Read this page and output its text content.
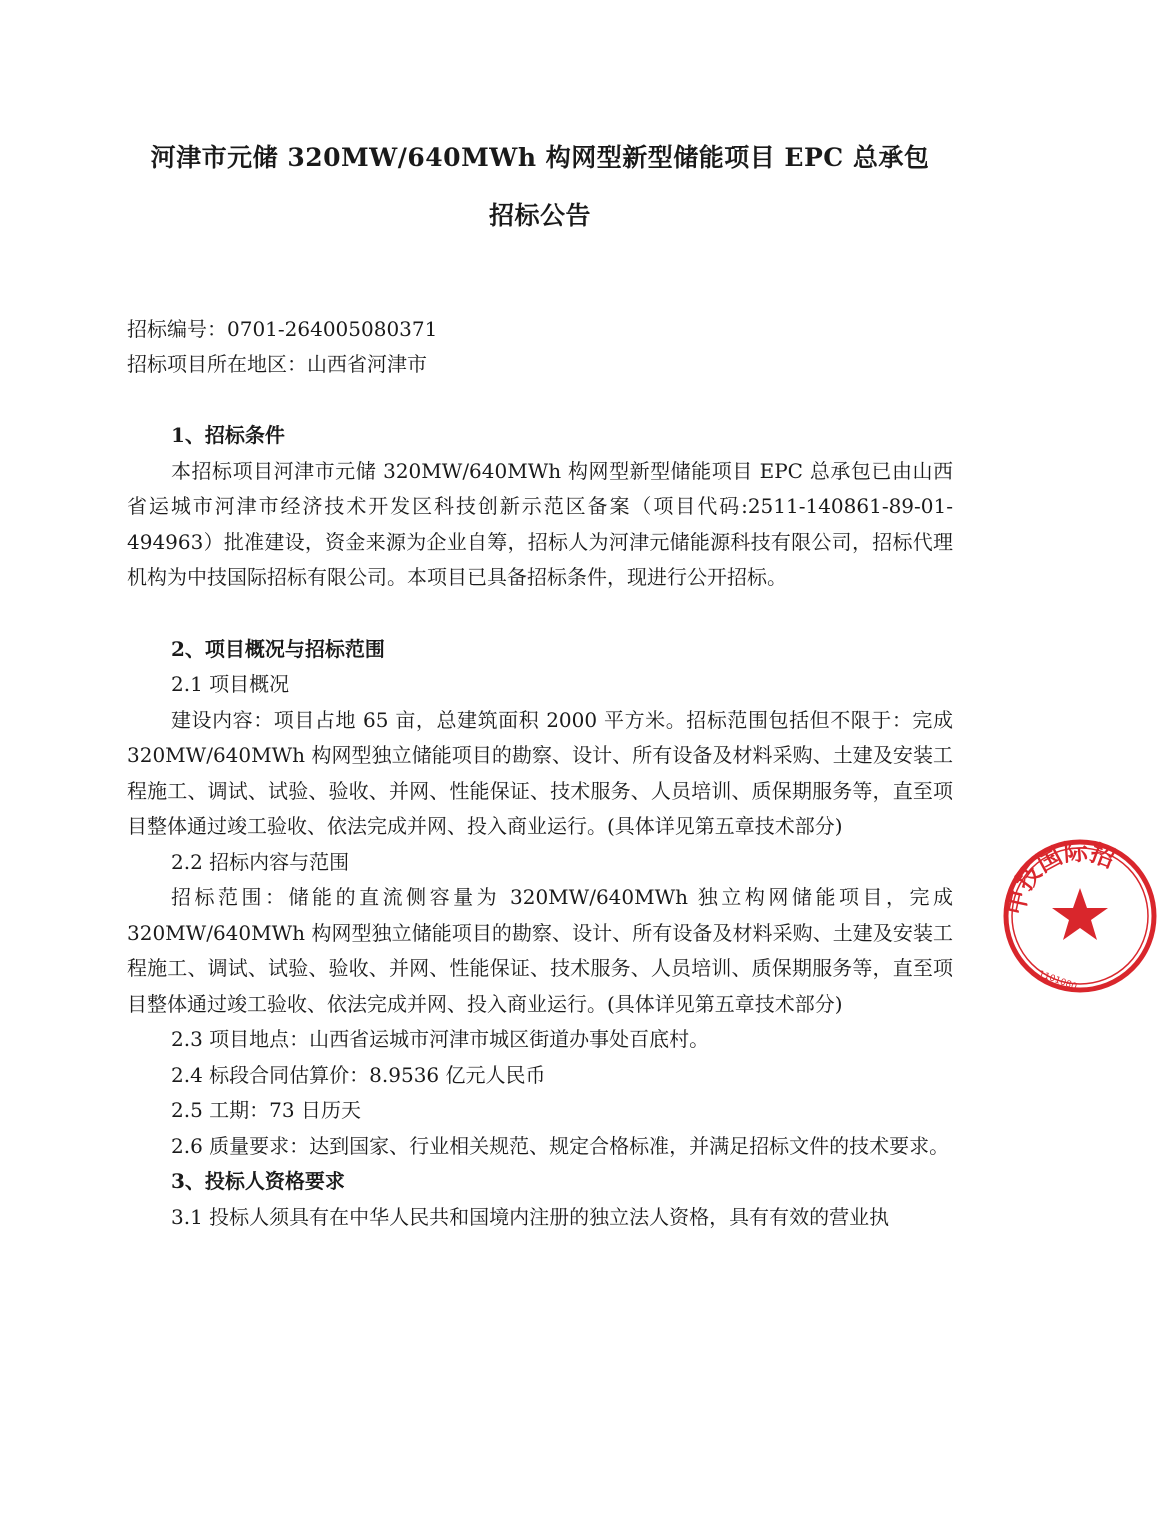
河津市元储 320MW/640MWh 构网型新型储能项目 EPC 总承包
招标公告

招标编号：0701-264005080371

招标项目所在地区：山西省河津市

1、招标条件

本招标项目河津市元储 320MW/640MWh 构网型新型储能项目 EPC 总承包已由山西省运城市河津市经济技术开发区科技创新示范区备案（项目代码:2511-140861-89-01-494963）批准建设，资金来源为企业自筹，招标人为河津元储能源科技有限公司，招标代理机构为中技国际招标有限公司。本项目已具备招标条件，现进行公开招标。

2、项目概况与招标范围

2.1 项目概况

建设内容：项目占地 65 亩，总建筑面积 2000 平方米。招标范围包括但不限于：完成 320MW/640MWh 构网型独立储能项目的勘察、设计、所有设备及材料采购、土建及安装工程施工、调试、试验、验收、并网、性能保证、技术服务、人员培训、质保期服务等，直至项目整体通过竣工验收、依法完成并网、投入商业运行。(具体详见第五章技术部分)

2.2 招标内容与范围

招标范围：储能的直流侧容量为 320MW/640MWh 独立构网储能项目，完成 320MW/640MWh 构网型独立储能项目的勘察、设计、所有设备及材料采购、土建及安装工程施工、调试、试验、验收、并网、性能保证、技术服务、人员培训、质保期服务等，直至项目整体通过竣工验收、依法完成并网、投入商业运行。(具体详见第五章技术部分)

2.3 项目地点：山西省运城市河津市城区街道办事处百底村。

2.4 标段合同估算价：8.9536 亿元人民币

2.5 工期：73 日历天

2.6 质量要求：达到国家、行业相关规范、规定合格标准，并满足招标文件的技术要求。

3、投标人资格要求

3.1 投标人须具有在中华人民共和国境内注册的独立法人资格，具有有效的营业执

中技国际招
1101080
